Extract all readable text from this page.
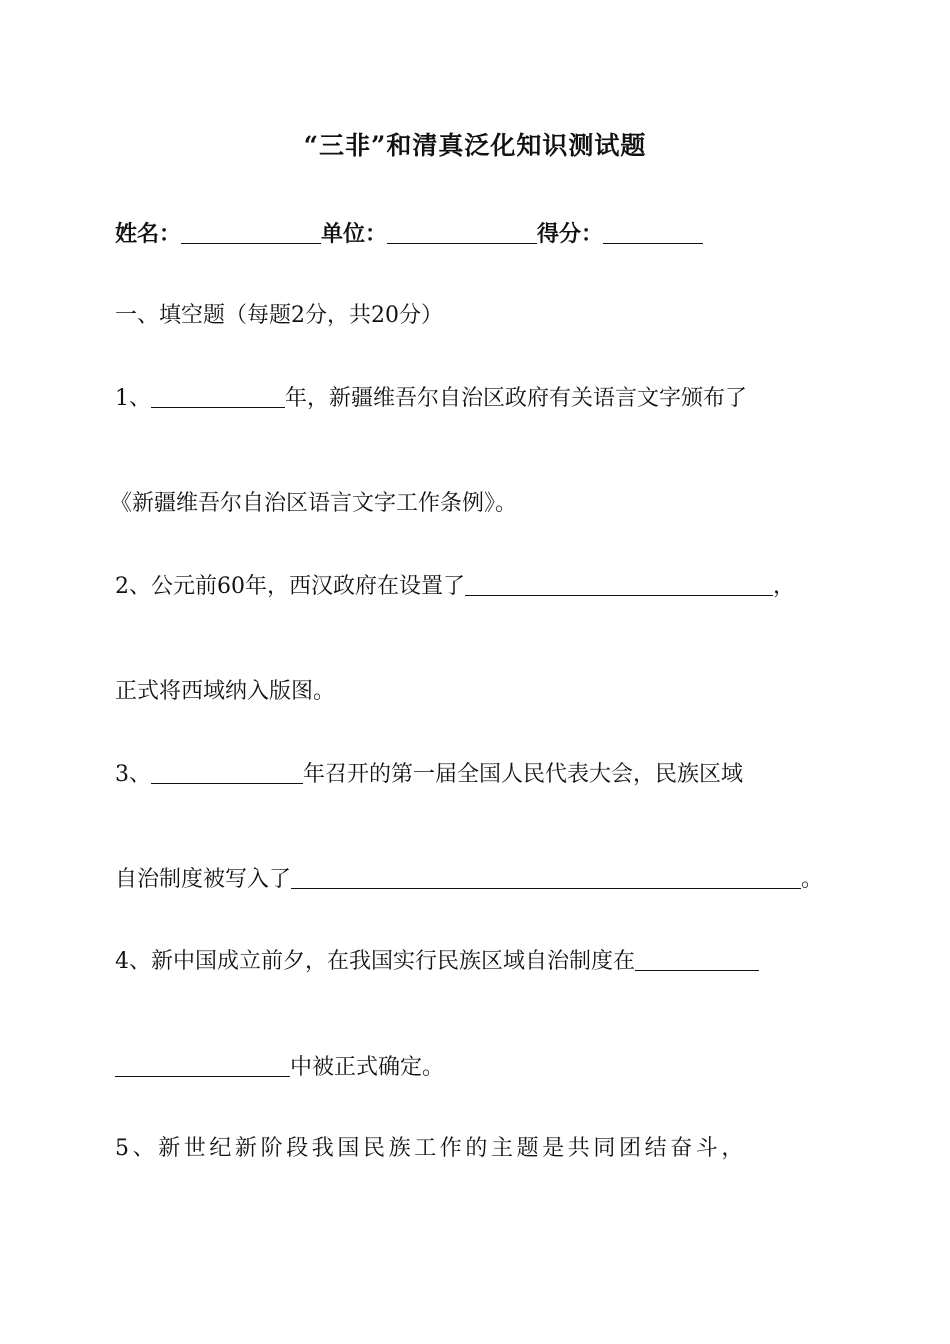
“三非”和清真泛化知识测试题
姓名：	单位：	得分：
一、填空题（每题2分，共20分）
1、	年，新疆维吾尔自治区政府有关语言文字颁布了
《新疆维吾尔自治区语言文字工作条例》。
2、公元前60年，西汉政府在设置了	，
正式将西域纳入版图。
3、	年召开的第一届全国人民代表大会，民族区域
自治制度被写入了	。
4、新中国成立前夕，在我国实行民族区域自治制度在
中被正式确定。
5、新世纪新阶段我国民族工作的主题是共同团结奋斗，
